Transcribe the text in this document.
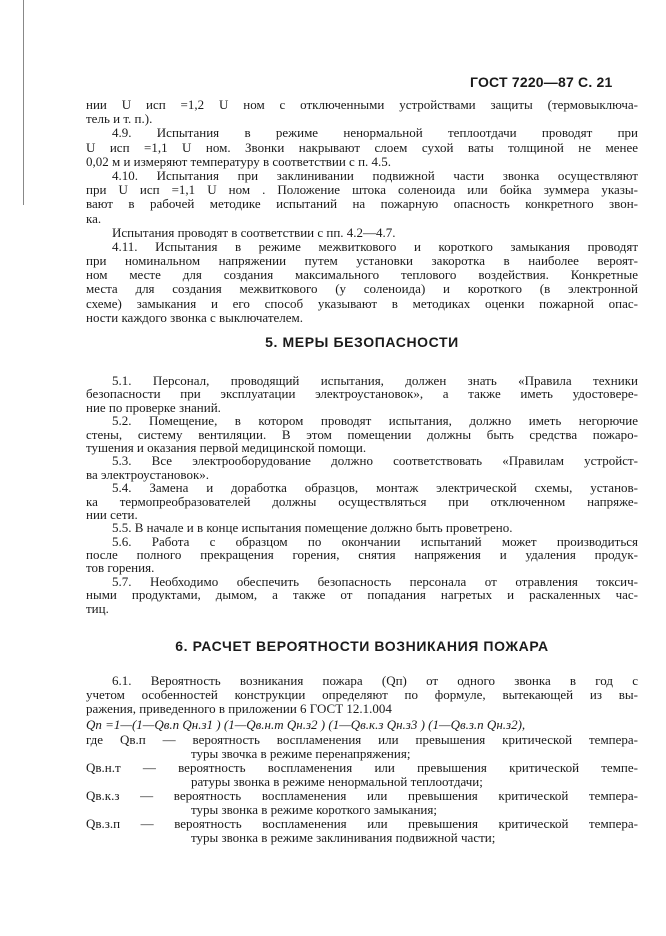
ГОСТ 7220—87 С. 21
нии U исп =1,2 U ном с отключенными устройствами защиты (термовыключа-
тель и т. п.).
4.9. Испытания в режиме ненормальной теплоотдачи проводят при
U исп =1,1 U ном. Звонки накрывают слоем сухой ваты толщиной не менее
0,02 м и измеряют температуру в соответствии с п. 4.5.
4.10. Испытания при заклинивании подвижной части звонка осуществляют
при U исп =1,1 U ном . Положение штока соленоида или бойка зуммера указы-
вают в рабочей методике испытаний на пожарную опасность конкретного звон-
ка.
Испытания проводят в соответствии с пп. 4.2—4.7.
4.11. Испытания в режиме межвиткового и короткого замыкания проводят
при номинальном напряжении путем установки закоротка в наиболее вероят-
ном месте для создания максимального теплового воздействия. Конкретные
места для создания межвиткового (у соленоида) и короткого (в электронной
схеме) замыкания и его способ указывают в методиках оценки пожарной опас-
ности каждого звонка с выключателем.
5. МЕРЫ БЕЗОПАСНОСТИ
5.1. Персонал, проводящий испытания, должен знать «Правила техники
безопасности при эксплуатации электроустановок», а также иметь удостовере-
ние по проверке знаний.
5.2. Помещение, в котором проводят испытания, должно иметь негорючие
стены, систему вентиляции. В этом помещении должны быть средства пожаро-
тушения и оказания первой медицинской помощи.
5.3. Все электрооборудование должно соответствовать «Правилам устройст-
ва электроустановок».
5.4. Замена и доработка образцов, монтаж электрической схемы, установ-
ка термопреобразователей должны осуществляться при отключенном напряже-
нии сети.
5.5. В начале и в конце испытания помещение должно быть проветрено.
5.6. Работа с образцом по окончании испытаний может производиться
после полного прекращения горения, снятия напряжения и удаления продук-
тов горения.
5.7. Необходимо обеспечить безопасность персонала от отравления токсич-
ными продуктами, дымом, а также от попадания нагретых и раскаленных час-
тиц.
6. РАСЧЕТ ВЕРОЯТНОСТИ ВОЗНИКАНИЯ ПОЖАРА
6.1. Вероятность возникания пожара (Qп) от одного звонка в год с
учетом особенностей конструкции определяют по формуле, вытекающей из вы-
ражения, приведенного в приложении 6 ГОСТ 12.1.004
Qп =1—(1—Qв.п Qн.з1 ) (1—Qв.н.т Qн.з2 ) (1—Qв.к.з Qн.з3 ) (1—Qв.з.п Qн.з2),
где Qв.п — вероятность воспламенения или превышения критической темпера-
туры звочка в режиме перенапряжения;
Qв.н.т — вероятность воспламенения или превышения критической темпе-
ратуры звонка в режиме ненормальной теплоотдачи;
Qв.к.з — вероятность воспламенения или превышения критической темпера-
туры звонка в режиме короткого замыкания;
Qв.з.п — вероятность воспламенения или превышения критической темпера-
туры звонка в режиме заклинивания подвижной части;
